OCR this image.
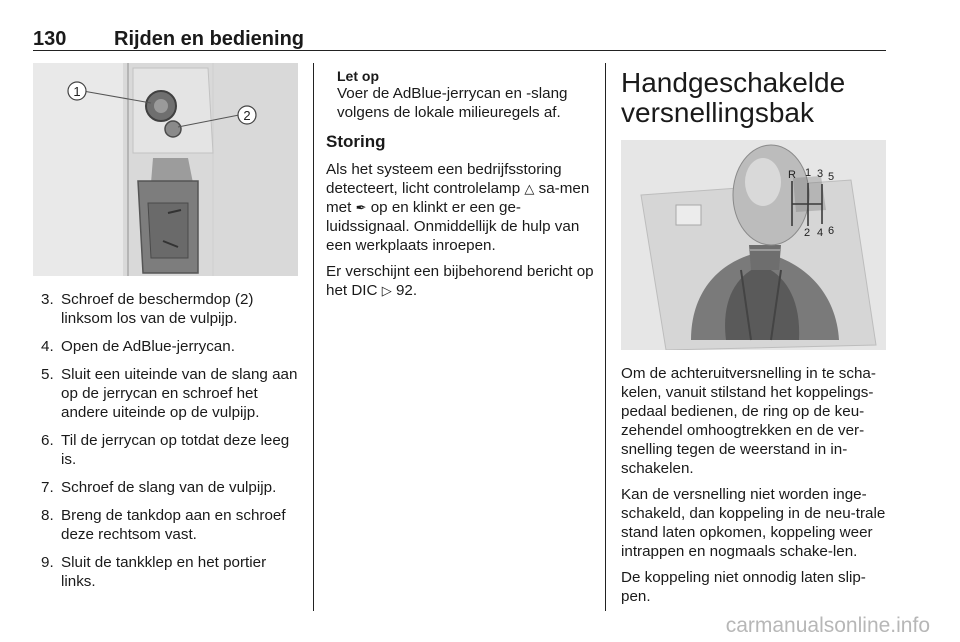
130 Rijden en bediening
1
2
3. Schroef de beschermdop (2) linksom los van de vulpijp.
4. Open de AdBlue-jerrycan.
5. Sluit een uiteinde van de slang aan op de jerrycan en schroef het andere uiteinde op de vulpijp.
6. Til de jerrycan op totdat deze leeg is.
7. Schroef de slang van de vulpijp.
8. Breng de tankdop aan en schroef deze rechtsom vast.
9. Sluit de tankklep en het portier links.
Let op
Voer de AdBlue-jerrycan en -slang volgens de lokale milieuregels af.
Storing

Als het systeem een bedrijfsstoring detecteert, licht controlelamp △ sa-men met ✒ op en klinkt er een ge-luidssignaal. Onmiddellijk de hulp van een werkplaats inroepen.

Er verschijnt een bijbehorend bericht op het DIC ▷ 92.

Handgeschakelde versnellingsbak
R 1 3 5
2 4 6

Om de achteruitversnelling in te scha-kelen, vanuit stilstand het koppelings-pedaal bedienen, de ring op de keu-zehendel omhoogtrekken en de ver-snelling tegen de weerstand in in-schakelen.

Kan de versnelling niet worden inge-schakeld, dan koppeling in de neu-trale stand laten opkomen, koppeling weer intrappen en nogmaals schake-len.

De koppeling niet onnodig laten slip-pen.

carmanualsonline.info
